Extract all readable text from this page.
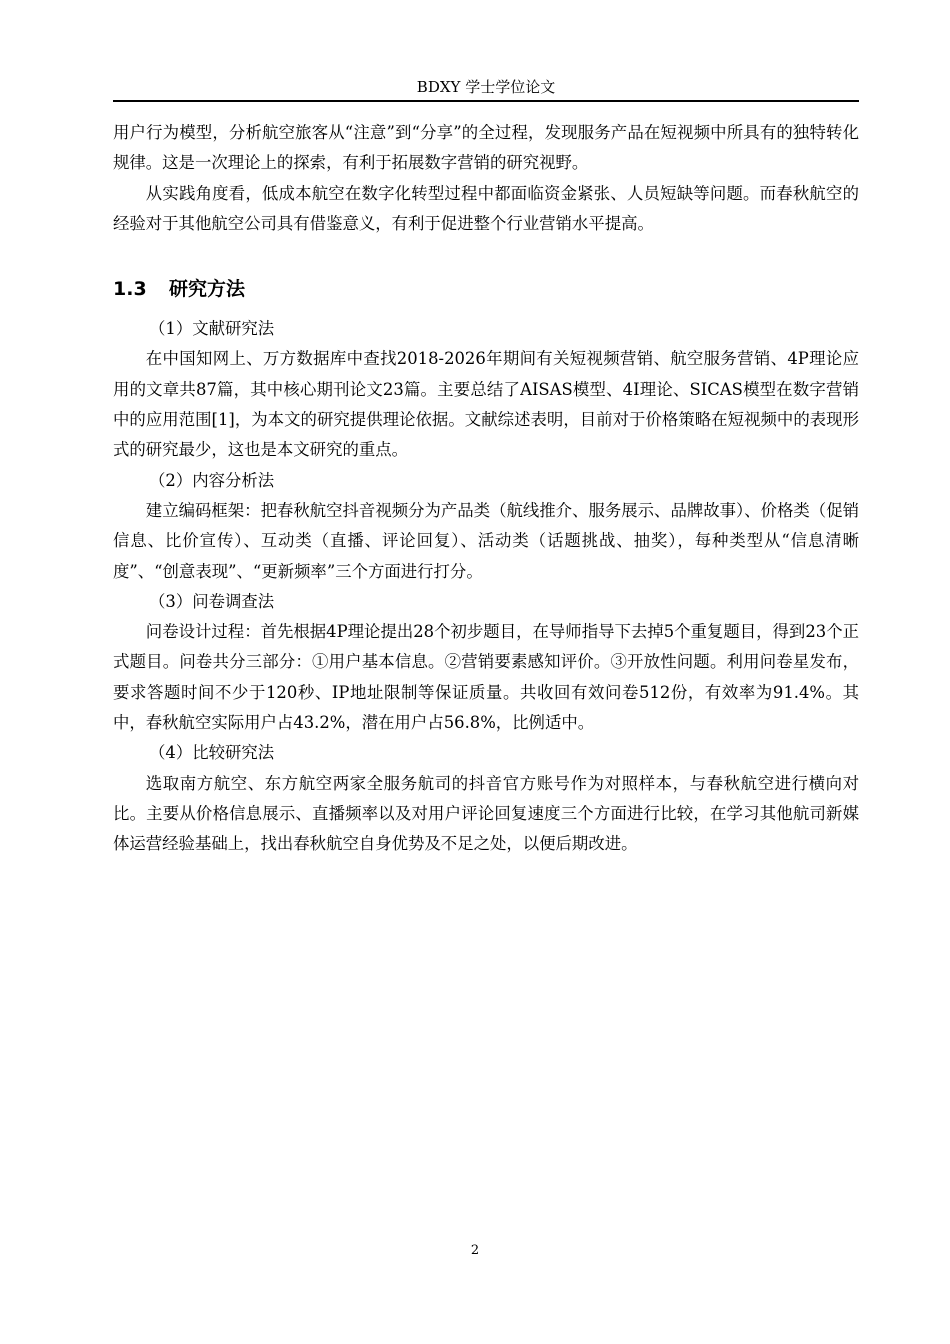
BDXY 学士学位论文

用户行为模型，分析航空旅客从“注意”到“分享”的全过程，发现服务产品在短视频中所具有的独特转化规律。这是一次理论上的探索，有利于拓展数字营销的研究视野。

从实践角度看，低成本航空在数字化转型过程中都面临资金紧张、人员短缺等问题。而春秋航空的经验对于其他航空公司具有借鉴意义，有利于促进整个行业营销水平提高。

1.3 研究方法

（1）文献研究法

在中国知网上、万方数据库中查找2018-2026年期间有关短视频营销、航空服务营销、4P理论应用的文章共87篇，其中核心期刊论文23篇。主要总结了AISAS模型、4I理论、SICAS模型在数字营销中的应用范围[1]，为本文的研究提供理论依据。文献综述表明，目前对于价格策略在短视频中的表现形式的研究最少，这也是本文研究的重点。

（2）内容分析法

建立编码框架：把春秋航空抖音视频分为产品类（航线推介、服务展示、品牌故事）、价格类（促销信息、比价宣传）、互动类（直播、评论回复）、活动类（话题挑战、抽奖），每种类型从“信息清晰度”、“创意表现”、“更新频率”三个方面进行打分。

（3）问卷调查法

问卷设计过程：首先根据4P理论提出28个初步题目，在导师指导下去掉5个重复题目，得到23个正式题目。问卷共分三部分：①用户基本信息。②营销要素感知评价。③开放性问题。利用问卷星发布，要求答题时间不少于120秒、IP地址限制等保证质量。共收回有效问卷512份，有效率为91.4%。其中，春秋航空实际用户占43.2%，潜在用户占56.8%，比例适中。

（4）比较研究法

选取南方航空、东方航空两家全服务航司的抖音官方账号作为对照样本，与春秋航空进行横向对比。主要从价格信息展示、直播频率以及对用户评论回复速度三个方面进行比较，在学习其他航司新媒体运营经验基础上，找出春秋航空自身优势及不足之处，以便后期改进。

2
